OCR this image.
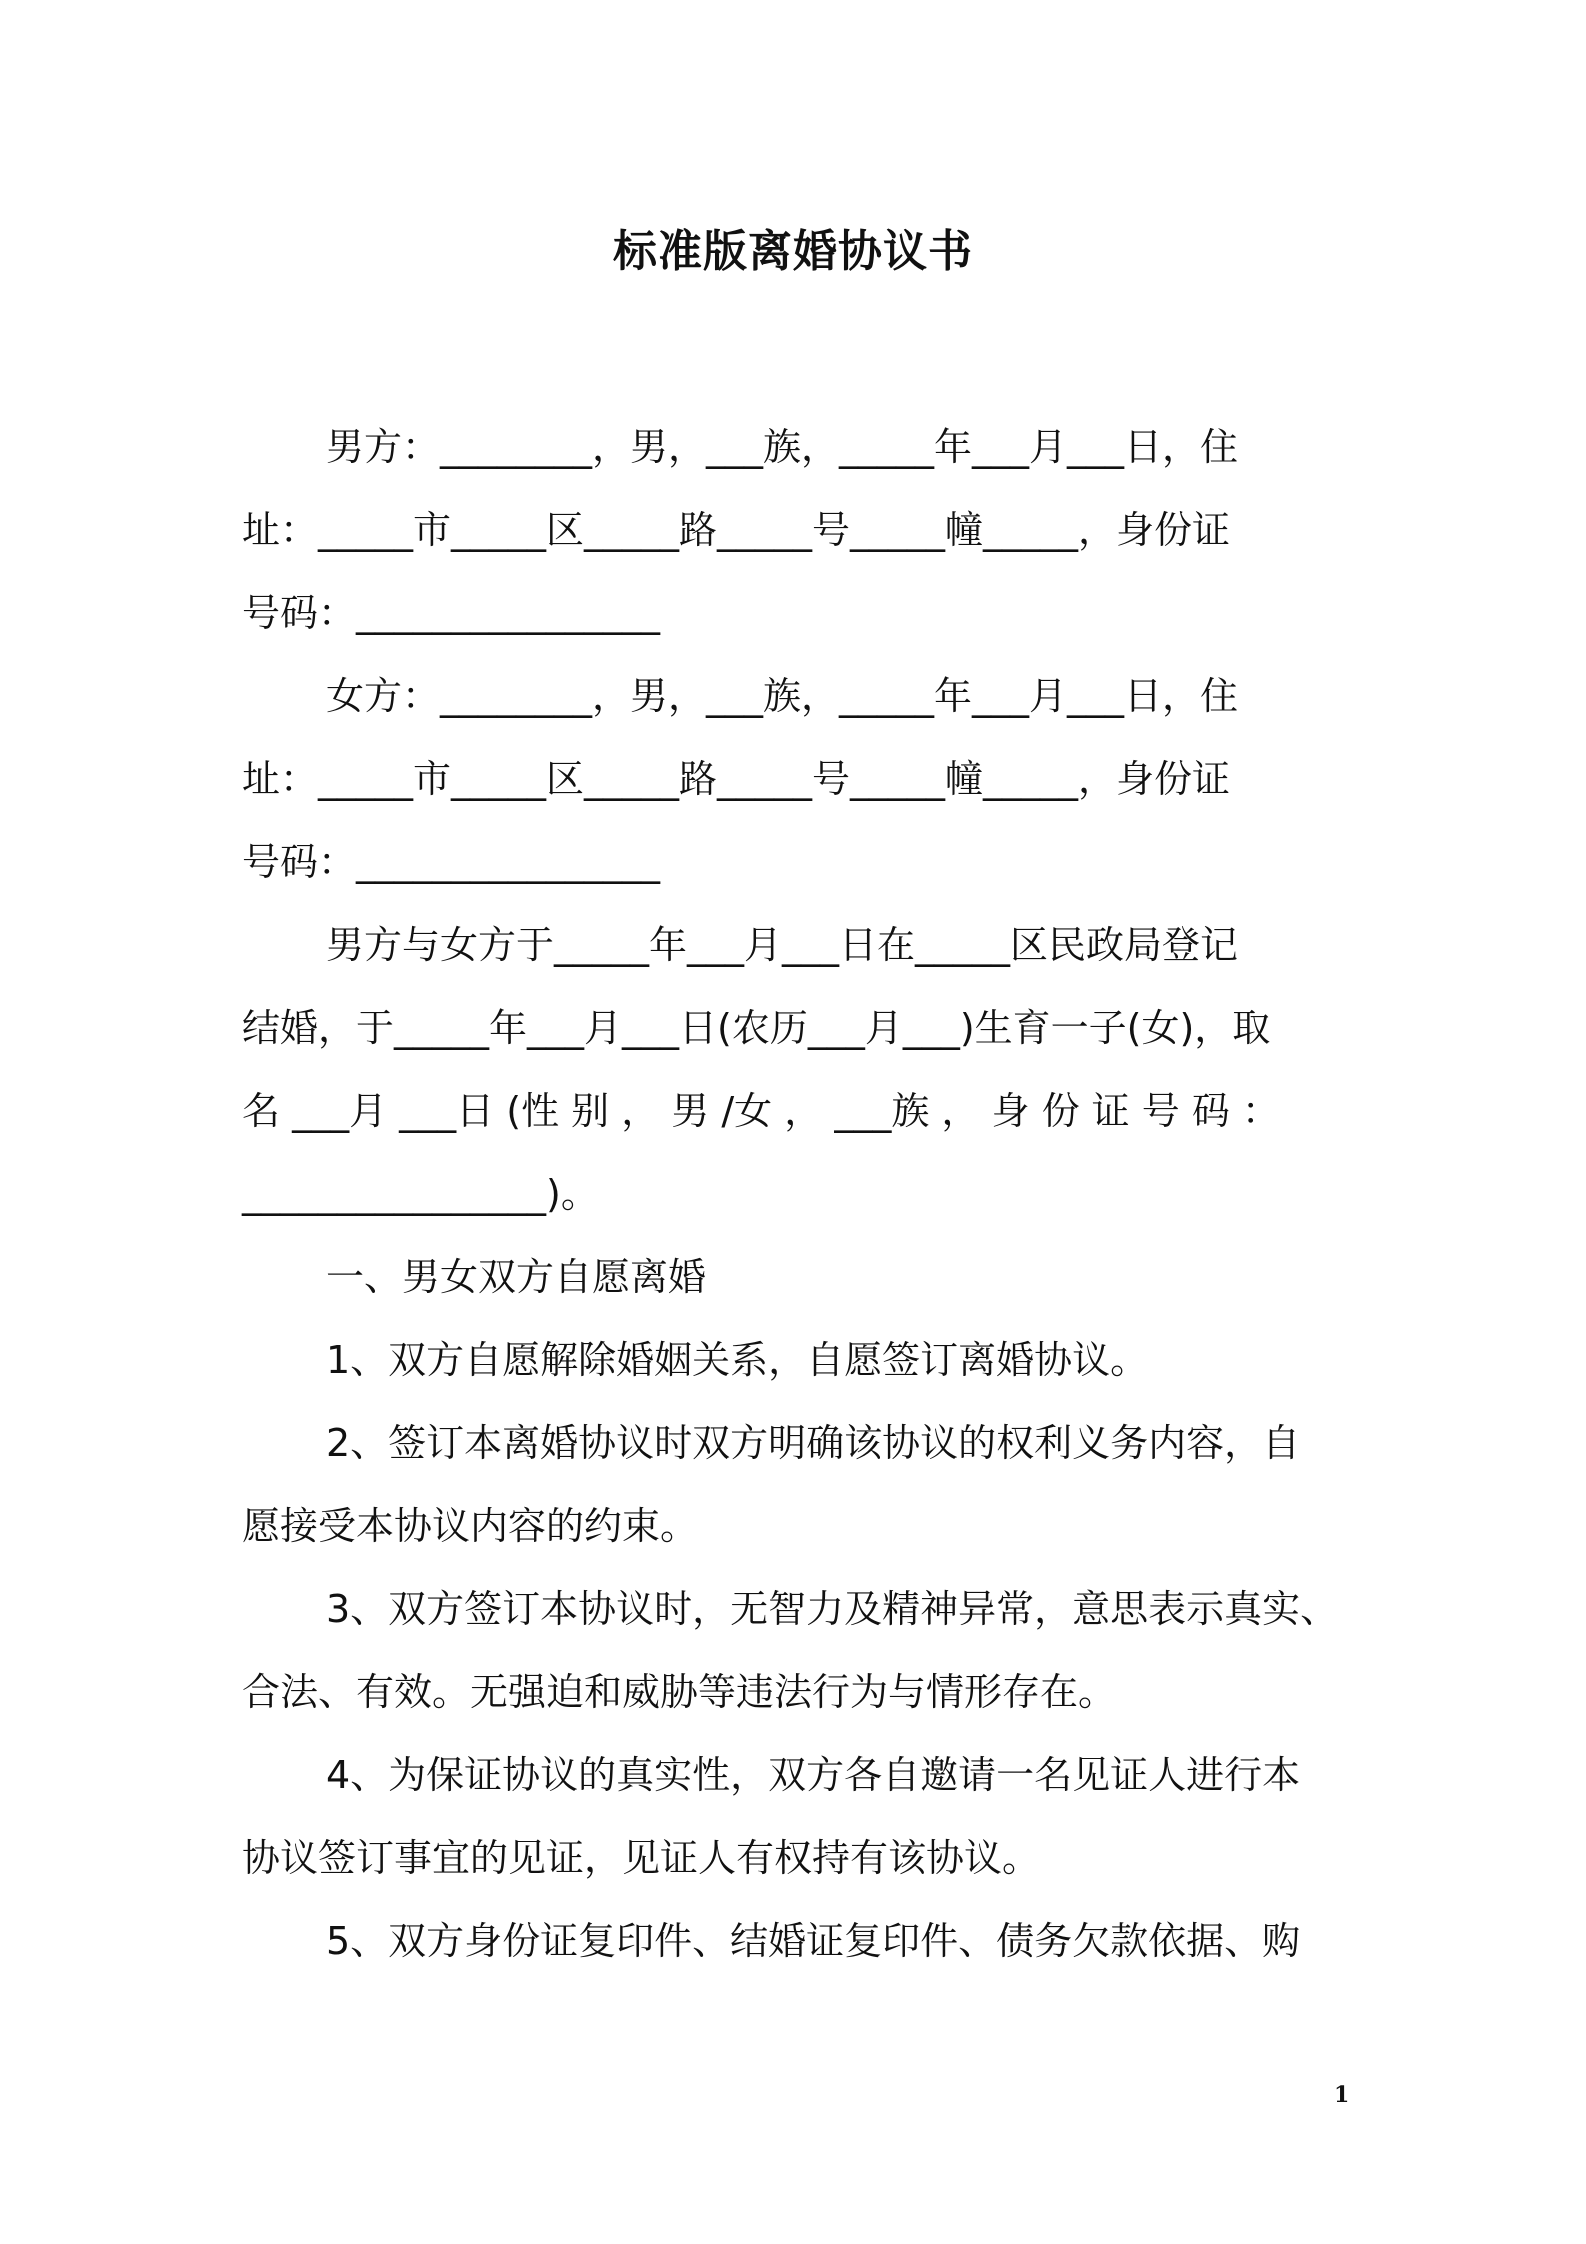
标准版离婚协议书

男方：________，男，___族，_____年___月___日，住

址：_____市_____区_____路_____号_____幢_____，身份证

号码：________________

女方：________，男，___族，_____年___月___日，住

址：_____市_____区_____路_____号_____幢_____，身份证

号码：________________

男方与女方于_____年___月___日在_____区民政局登记

结婚，于_____年___月___日(农历___月___)生育一子(女)，取

名 ___月 ___日 (性 别 ， 男 /女 ， ___族 ， 身 份 证 号 码 ：

________________)。

一、男女双方自愿离婚

1、双方自愿解除婚姻关系，自愿签订离婚协议。

2、签订本离婚协议时双方明确该协议的权利义务内容，自

愿接受本协议内容的约束。

3、双方签订本协议时，无智力及精神异常，意思表示真实、

合法、有效。无强迫和威胁等违法行为与情形存在。

4、为保证协议的真实性，双方各自邀请一名见证人进行本

协议签订事宜的见证，见证人有权持有该协议。

5、双方身份证复印件、结婚证复印件、债务欠款依据、购

1
